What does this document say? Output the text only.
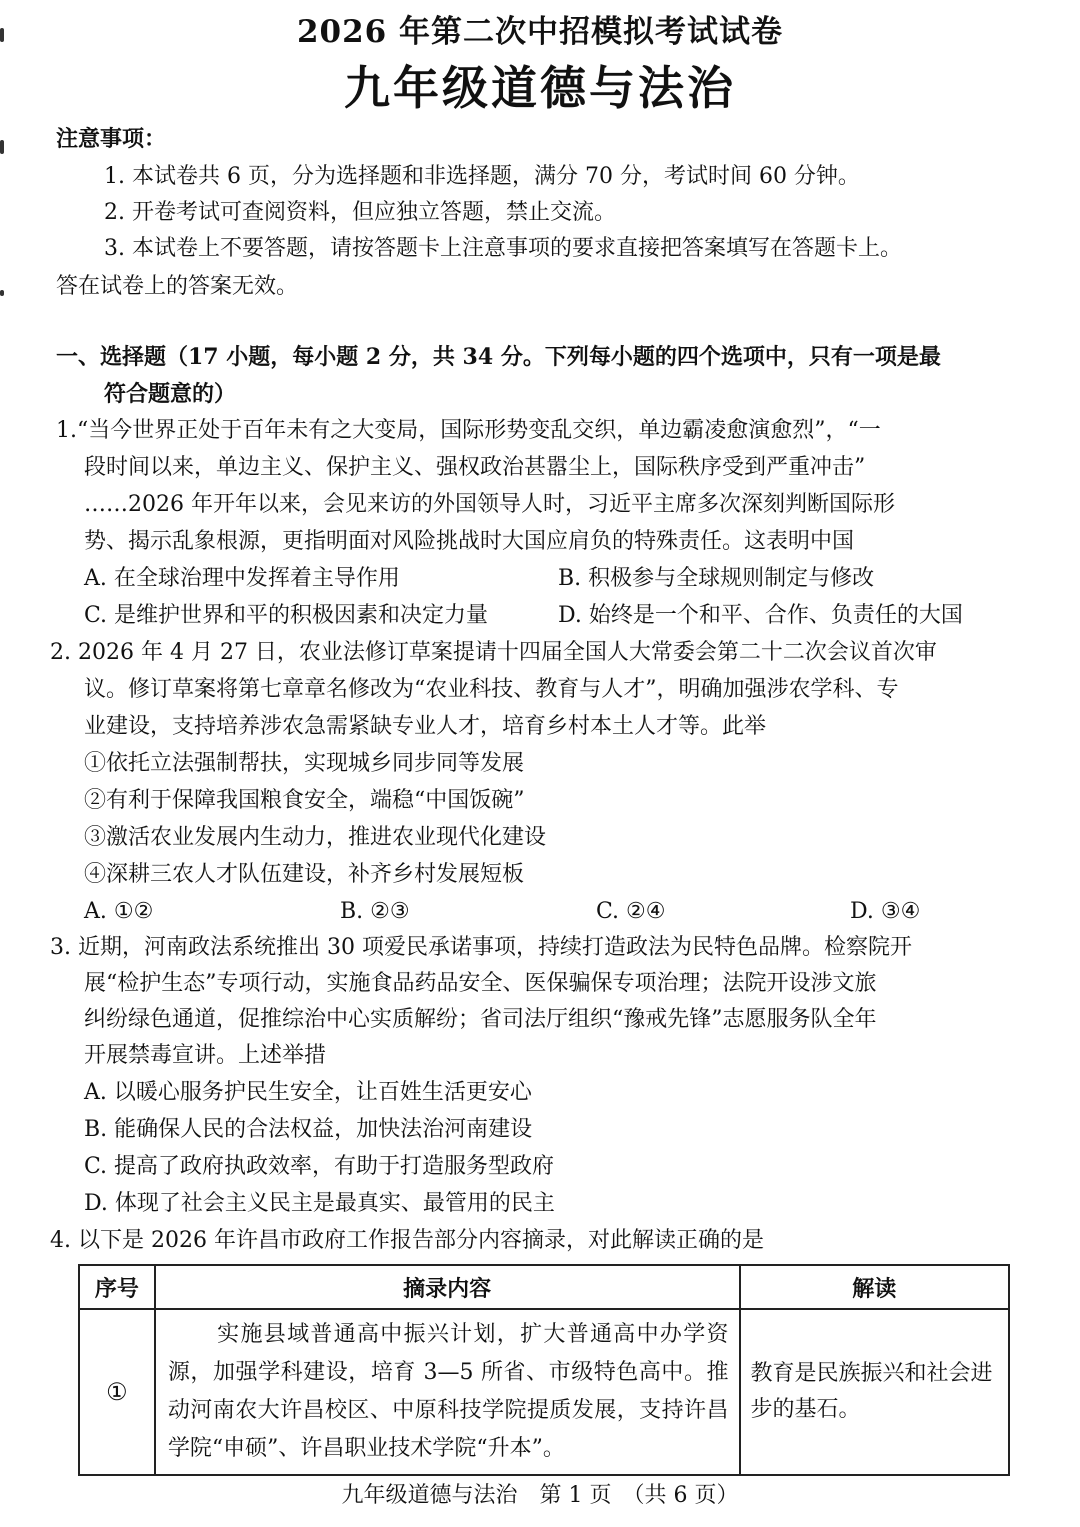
2026 年第二次中招模拟考试试卷
九年级道德与法治
注意事项：
1. 本试卷共 6 页，分为选择题和非选择题，满分 70 分，考试时间 60 分钟。
2. 开卷考试可查阅资料，但应独立答题，禁止交流。
3. 本试卷上不要答题，请按答题卡上注意事项的要求直接把答案填写在答题卡上。
答在试卷上的答案无效。
一、选择题（17 小题，每小题 2 分，共 34 分。下列每小题的四个选项中，只有一项是最
符合题意的）
1.“当今世界正处于百年未有之大变局，国际形势变乱交织，单边霸凌愈演愈烈”，“一
段时间以来，单边主义、保护主义、强权政治甚嚣尘上，国际秩序受到严重冲击”
……2026 年开年以来，会见来访的外国领导人时，习近平主席多次深刻判断国际形
势、揭示乱象根源，更指明面对风险挑战时大国应肩负的特殊责任。这表明中国
A. 在全球治理中发挥着主导作用	B. 积极参与全球规则制定与修改
C. 是维护世界和平的积极因素和决定力量	D. 始终是一个和平、合作、负责任的大国
2. 2026 年 4 月 27 日，农业法修订草案提请十四届全国人大常委会第二十二次会议首次审
议。修订草案将第七章章名修改为“农业科技、教育与人才”，明确加强涉农学科、专
业建设，支持培养涉农急需紧缺专业人才，培育乡村本土人才等。此举
①依托立法强制帮扶，实现城乡同步同等发展
②有利于保障我国粮食安全，端稳“中国饭碗”
③激活农业发展内生动力，推进农业现代化建设
④深耕三农人才队伍建设，补齐乡村发展短板
A. ①②	B. ②③	C. ②④	D. ③④
3. 近期，河南政法系统推出 30 项爱民承诺事项，持续打造政法为民特色品牌。检察院开
展“检护生态”专项行动，实施食品药品安全、医保骗保专项治理；法院开设涉文旅
纠纷绿色通道，促推综治中心实质解纷；省司法厅组织“豫戒先锋”志愿服务队全年
开展禁毒宣讲。上述举措
A. 以暖心服务护民生安全，让百姓生活更安心
B. 能确保人民的合法权益，加快法治河南建设
C. 提高了政府执政效率，有助于打造服务型政府
D. 体现了社会主义民主是最真实、最管用的民主
4. 以下是 2026 年许昌市政府工作报告部分内容摘录，对此解读正确的是
序号	摘录内容	解读
①	实施县域普通高中振兴计划，扩大普通高中办学资源，加强学科建设，培育 3—5 所省、市级特色高中。推动河南农大许昌校区、中原科技学院提质发展，支持许昌学院“申硕”、许昌职业技术学院“升本”。	教育是民族振兴和社会进步的基石。
九年级道德与法治　第 1 页　（共 6 页）
